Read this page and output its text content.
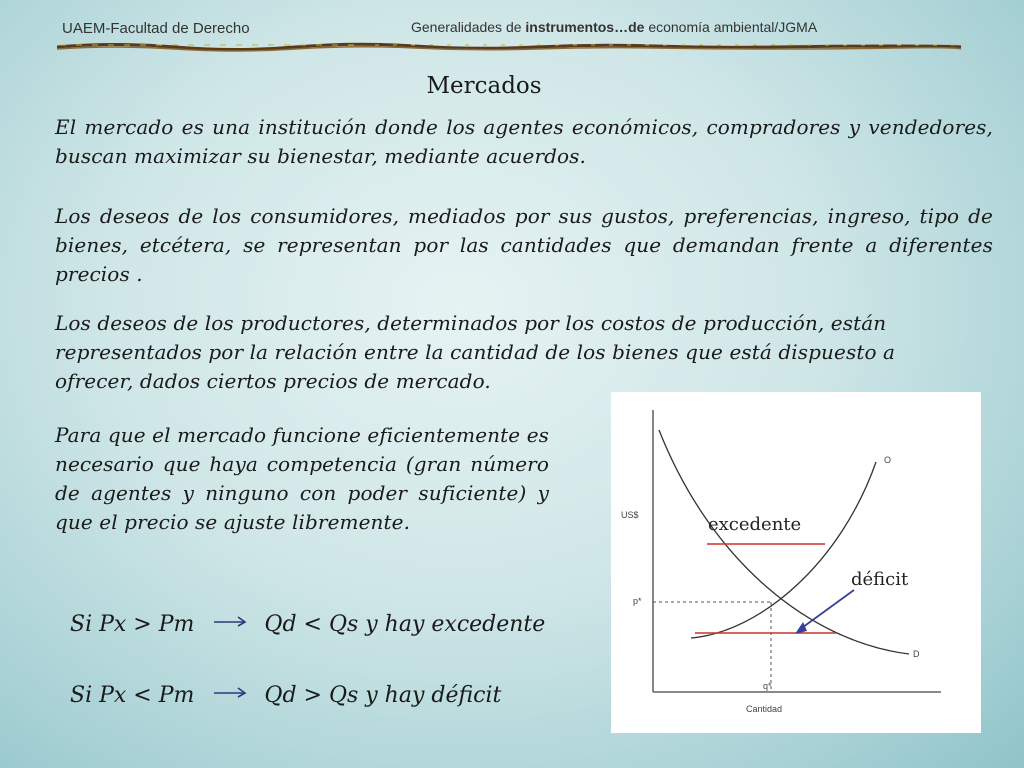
UAEM-Facultad de Derecho	Generalidades de instrumentos…de economía ambiental/JGMA
Mercados
El mercado es una institución donde los agentes económicos, compradores y vendedores, buscan maximizar su bienestar, mediante acuerdos.
Los deseos de los consumidores, mediados por sus gustos, preferencias, ingreso, tipo de bienes, etcétera, se representan por las cantidades que demandan frente a diferentes precios .
Los deseos de los productores, determinados por los costos de producción, están representados por la relación entre la cantidad de los bienes que está dispuesto a ofrecer, dados ciertos precios de mercado.
Para que el mercado funcione eficientemente es necesario que haya competencia (gran número de agentes y ninguno con poder suficiente) y que el precio se ajuste libremente.
Si Px > Pm	Qd < Qs y hay excedente
Si Px < Pm	Qd > Qs y hay déficit
US$
Cantidad
p*
q*
O
D
excedente
déficit
